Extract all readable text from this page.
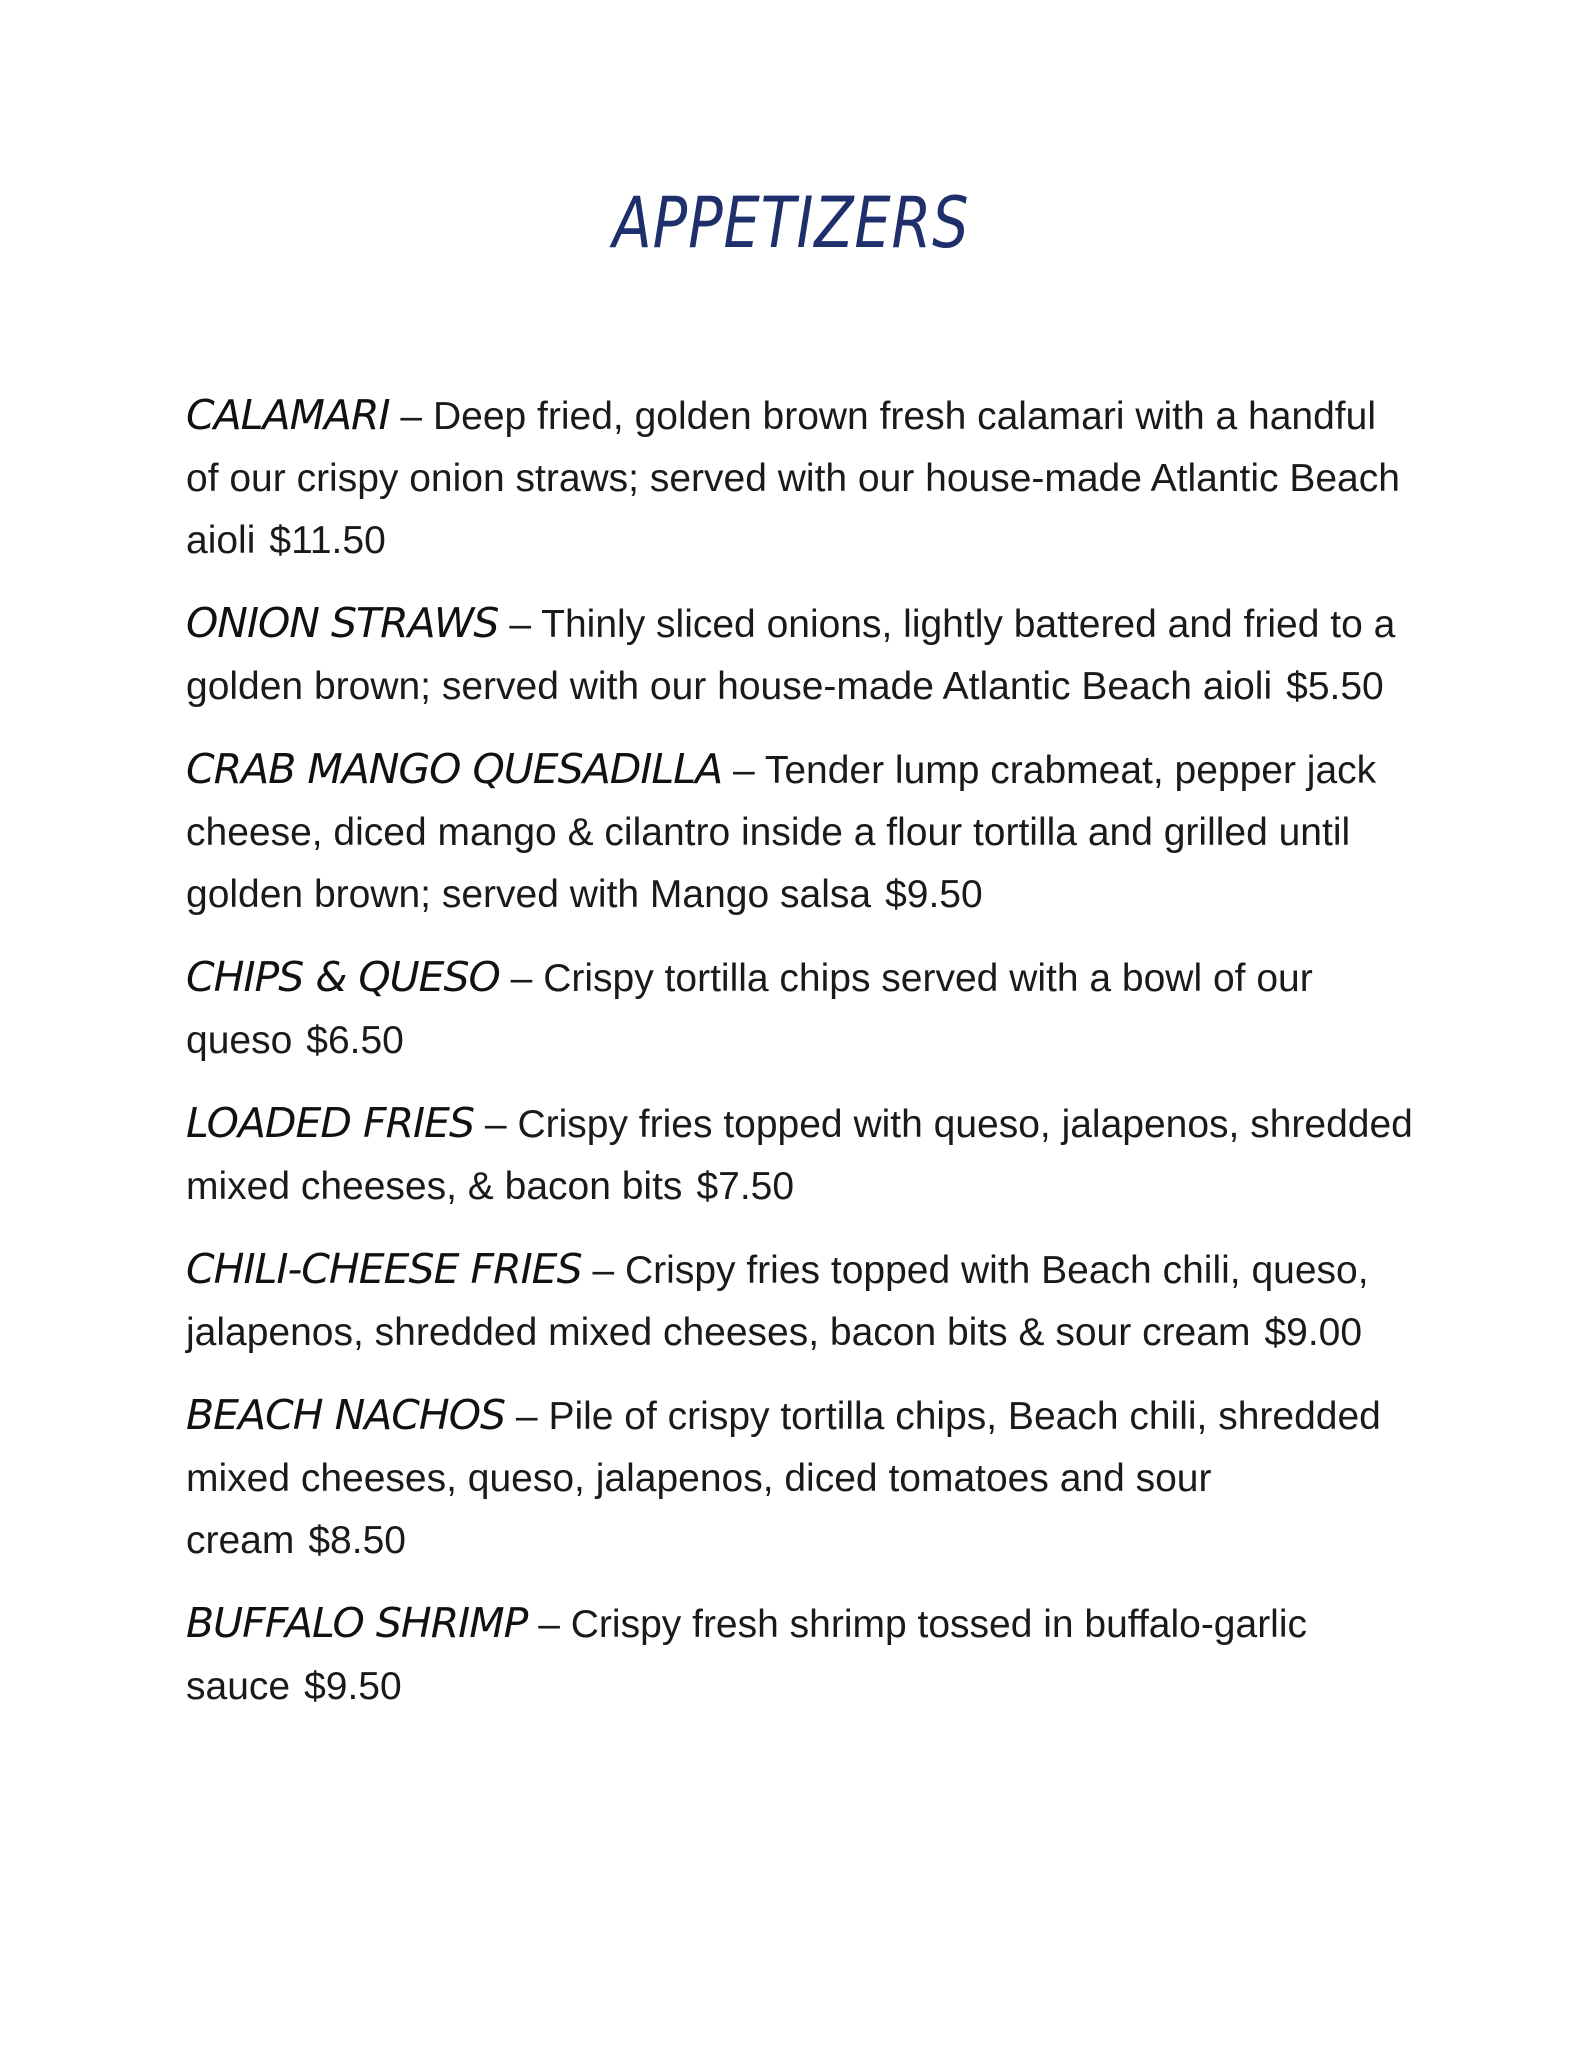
APPETIZERS
CALAMARI – Deep fried, golden brown fresh calamari with a handful of our crispy onion straws; served with our house-made Atlantic Beach aioli $11.50
ONION STRAWS – Thinly sliced onions, lightly battered and fried to a golden brown; served with our house-made Atlantic Beach aioli $5.50
CRAB MANGO QUESADILLA – Tender lump crabmeat, pepper jack cheese, diced mango & cilantro inside a flour tortilla and grilled until golden brown; served with Mango salsa $9.50
CHIPS & QUESO – Crispy tortilla chips served with a bowl of our queso $6.50
LOADED FRIES – Crispy fries topped with queso, jalapenos, shredded mixed cheeses, & bacon bits $7.50
CHILI-CHEESE FRIES – Crispy fries topped with Beach chili, queso, jalapenos, shredded mixed cheeses, bacon bits & sour cream $9.00
BEACH NACHOS – Pile of crispy tortilla chips, Beach chili, shredded mixed cheeses, queso, jalapenos, diced tomatoes and sour cream $8.50
BUFFALO SHRIMP – Crispy fresh shrimp tossed in buffalo-garlic sauce $9.50
